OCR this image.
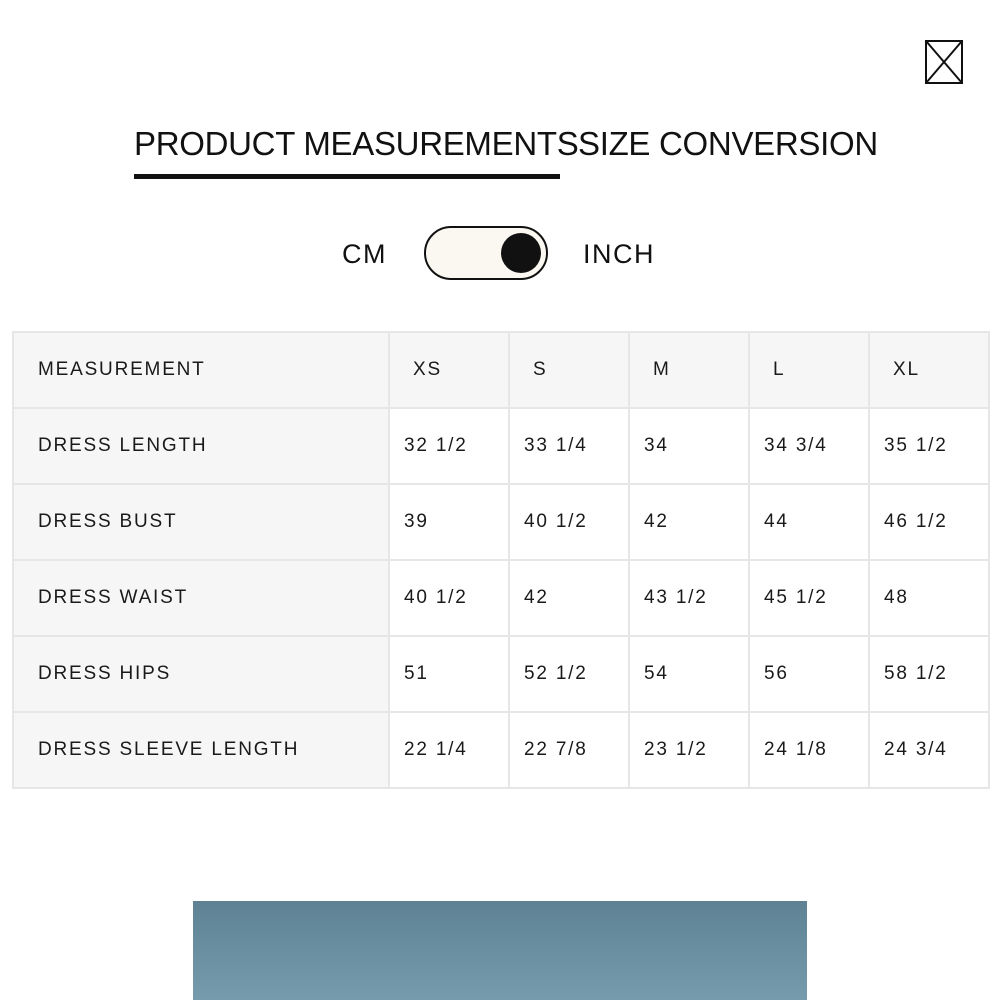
PRODUCT MEASUREMENTS SIZE CONVERSION
CM	INCH
MEASUREMENT	XS	S	M	L	XL
DRESS LENGTH	32 1/2	33 1/4	34	34 3/4	35 1/2
DRESS BUST	39	40 1/2	42	44	46 1/2
DRESS WAIST	40 1/2	42	43 1/2	45 1/2	48
DRESS HIPS	51	52 1/2	54	56	58 1/2
DRESS SLEEVE LENGTH	22 1/4	22 7/8	23 1/2	24 1/8	24 3/4
